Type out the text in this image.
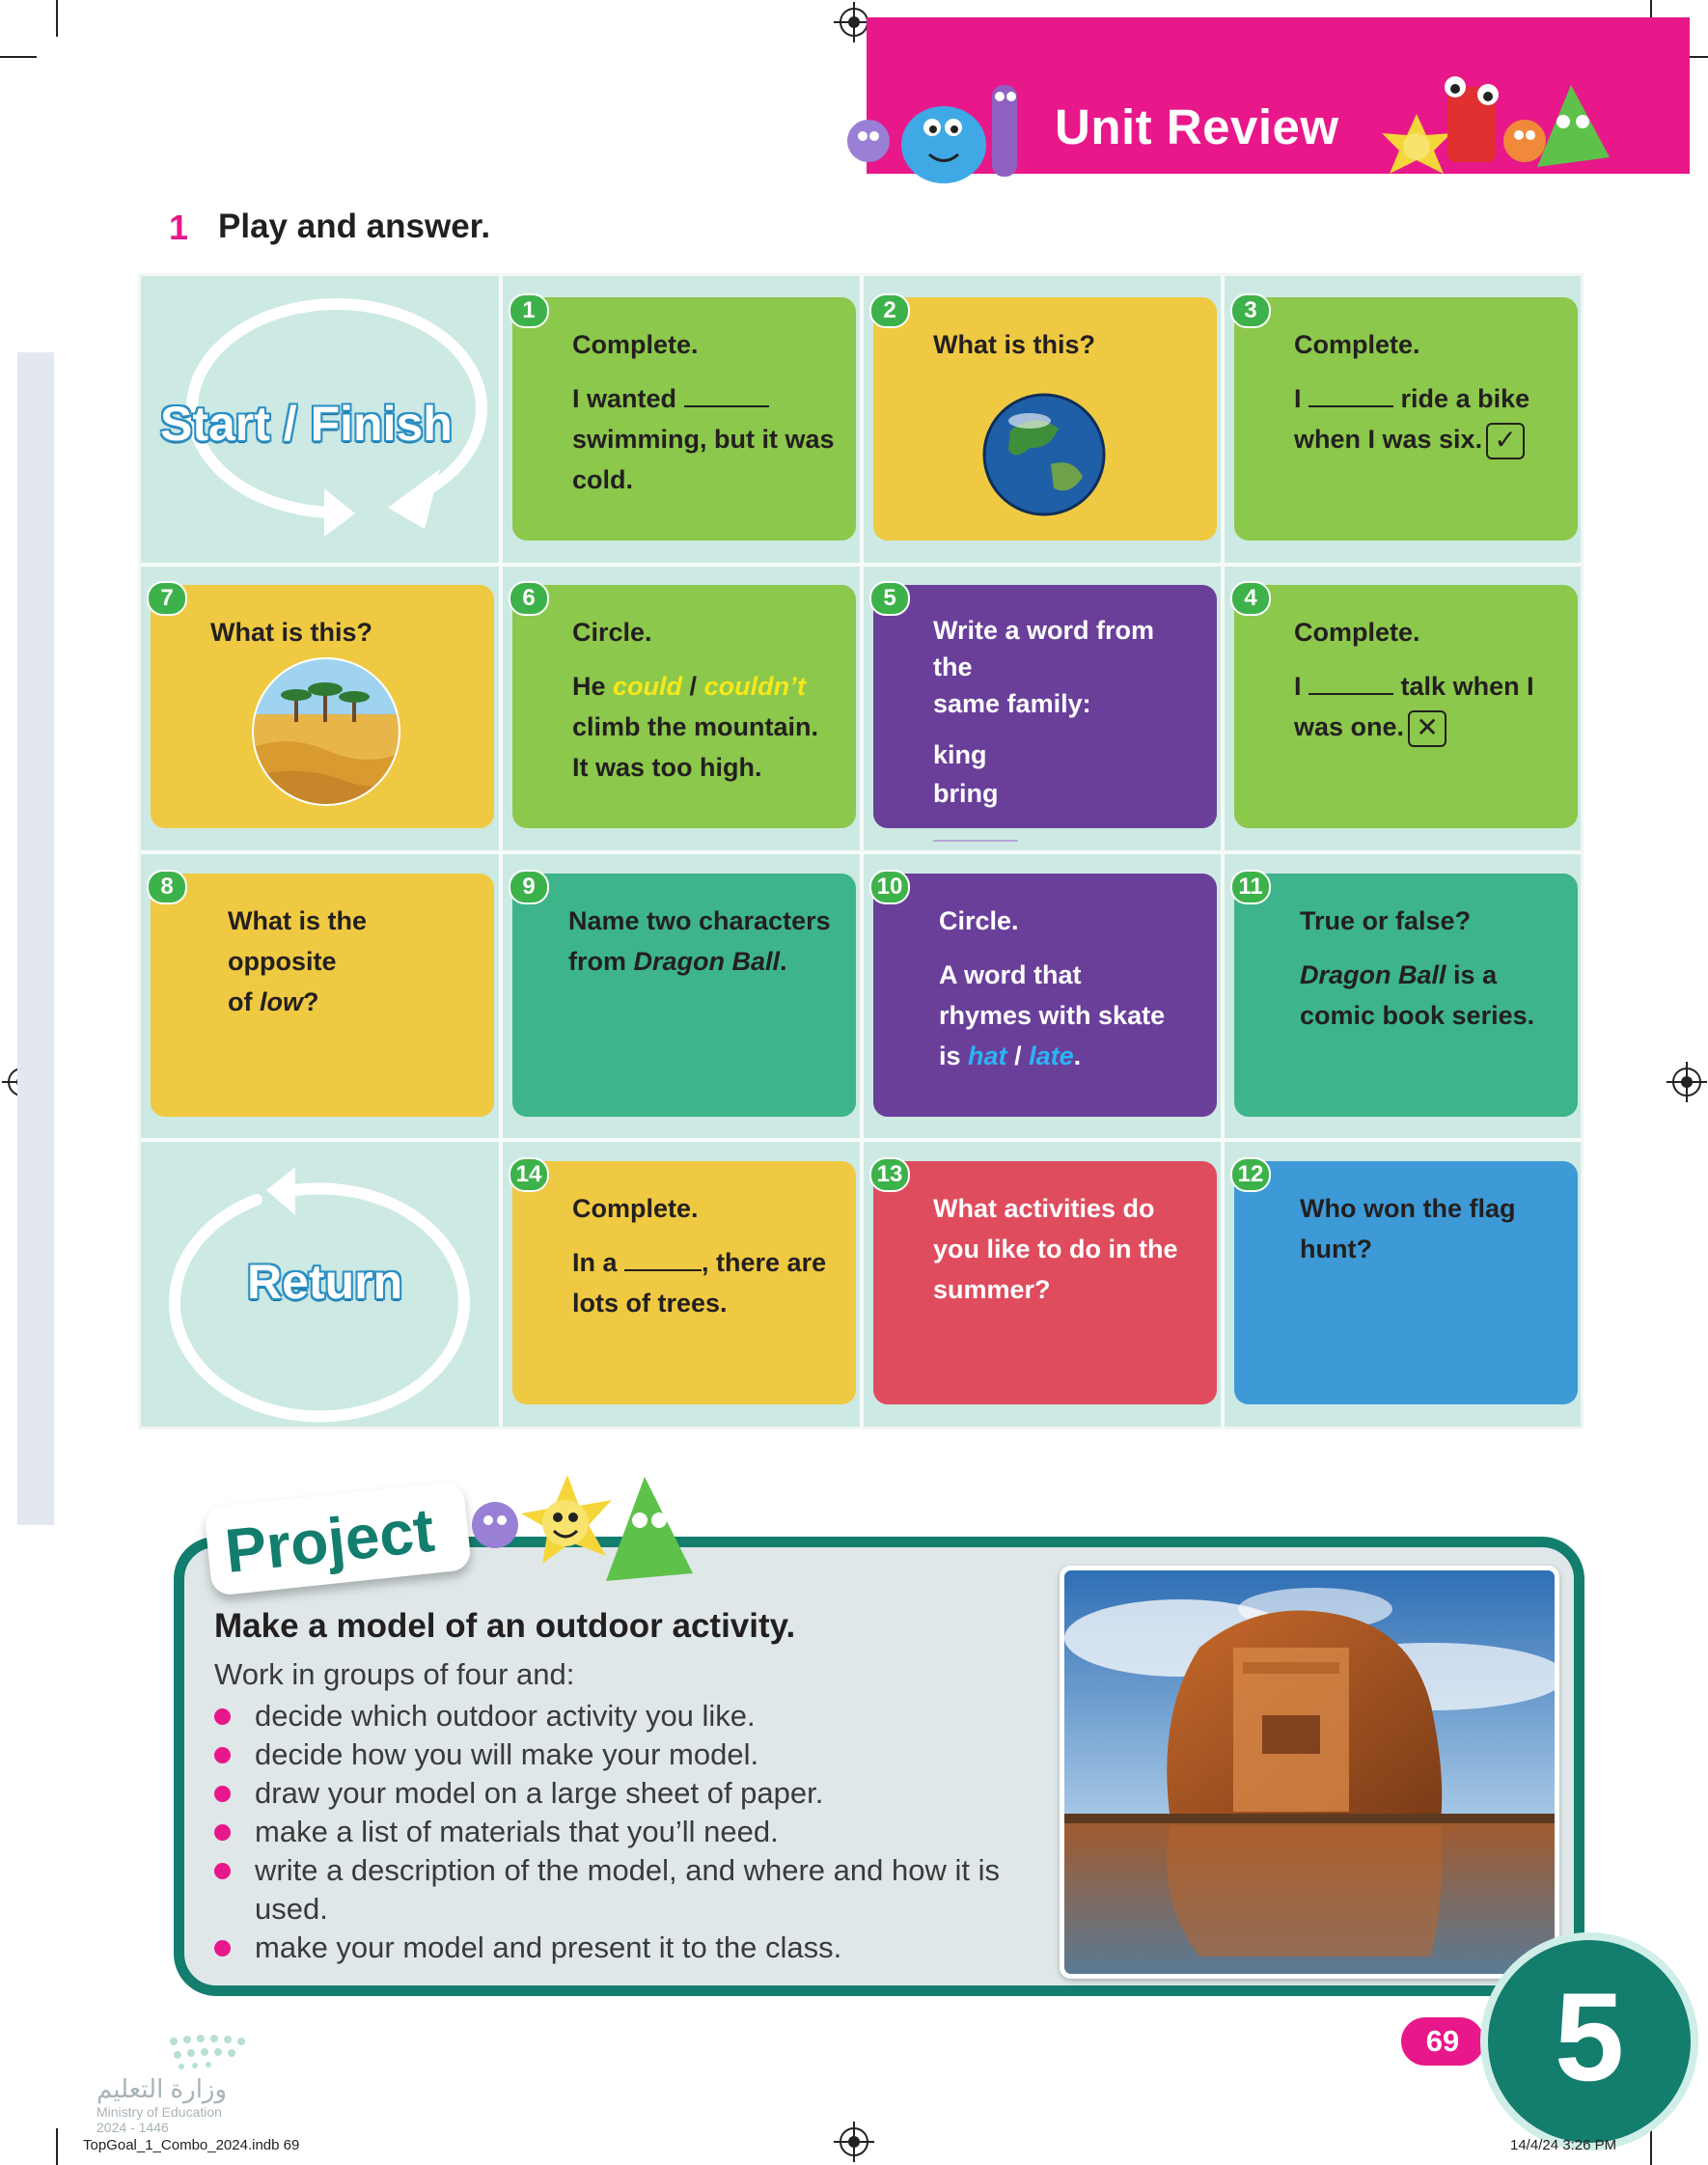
Unit Review
1 Play and answer.
Start / Finish
Return
1

Complete.

I wanted

swimming, but it was

cold.

2

What is this?

3

Complete.

I	ride a bike

when I was six. ✓

7

What is this?

6

Circle.

He could / couldn’t

climb the mountain.

It was too high.

5

Write a word from the

same family:

king

bring

4

Complete.

I	talk when I

was one. ✕

8

What is the opposite

of low?

9

Name two characters

from Dragon Ball.

10

Circle.

A word that

rhymes with skate

is hat / late.

11

True or false?

Dragon Ball is a

comic book series.

14

Complete.

In a	, there are

lots of trees.

13

What activities do

you like to do in the

summer?

12

Who won the flag

hunt?

Project
Make a model of an outdoor activity.
Work in groups of four and:
decide which outdoor activity you like.
decide how you will make your model.
draw your model on a large sheet of paper.
make a list of materials that you’ll need.
write a description of the model, and where and how it is used.
make your model and present it to the class.
69 5
وزارة التعليم
Ministry of Education
2024 - 1446
TopGoal_1_Combo_2024.indb 69	14/4/24 3:26 PM
